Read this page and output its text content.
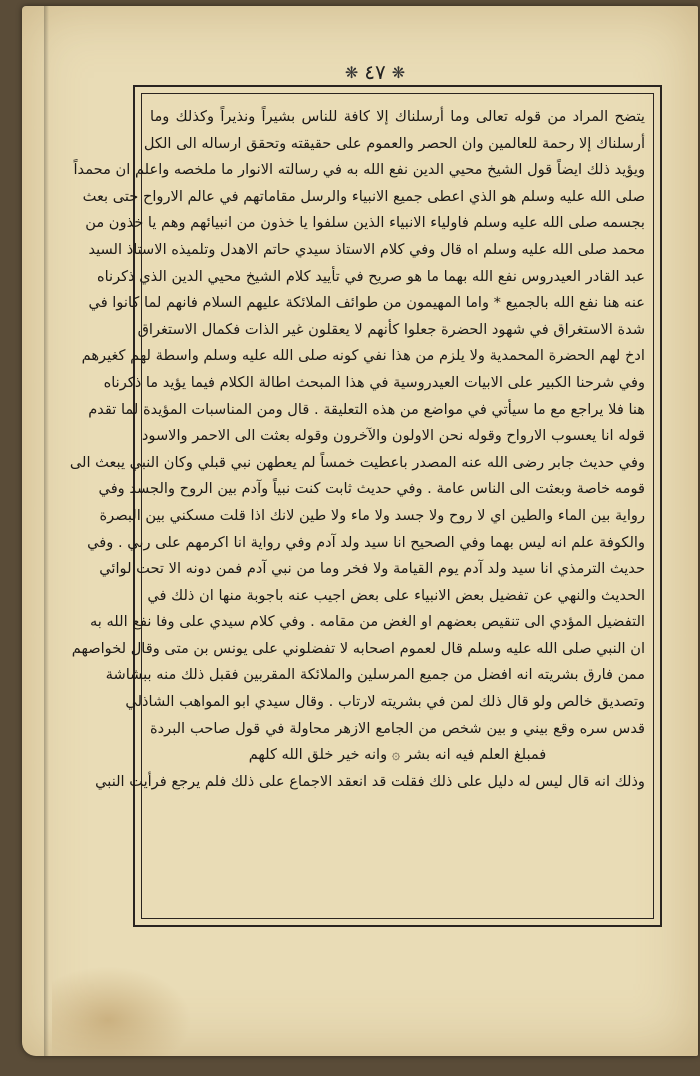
❋ ٤٧ ❋
يتضح المراد من قوله تعالى وما أرسلناك إلا كافة للناس بشيراً ونذيراً وكذلك وما
أرسلناك إلا رحمة للعالمين وان الحصر والعموم على حقيقته وتحقق ارساله الى الكل
ويؤيد ذلك ايضاً قول الشيخ محيي الدين نفع الله به في رسالته الانوار ما ملخصه واعلم ان محمداً
صلى الله عليه وسلم هو الذي اعطى جميع الانبياء والرسل مقاماتهم في عالم الارواح حتى بعث
بجسمه صلى الله عليه وسلم فاولياء الانبياء الذين سلفوا يا خذون من انبيائهم وهم يا خذون من
محمد صلى الله عليه وسلم اه قال وفي كلام الاستاذ سيدي حاتم الاهدل وتلميذه الاستاذ السيد
عبد القادر العيدروس نفع الله بهما ما هو صريح في تأييد كلام الشيخ محيي الدين الذي ذكرناه
عنه هنا نفع الله بالجميع * واما المهيمون من طوائف الملائكة عليهم السلام فانهم لما كانوا في
شدة الاستغراق في شهود الحضرة جعلوا كأنهم لا يعقلون غير الذات فكمال الاستغراق
ادخ لهم الحضرة المحمدية ولا يلزم من هذا نفي كونه صلى الله عليه وسلم واسطة لهم كغيرهم
وفي شرحنا الكبير على الابيات العيدروسية في هذا المبحث اطالة الكلام فيما يؤيد ما ذكرناه
هنا فلا يراجع مع ما سيأتي في مواضع من هذه التعليقة . قال ومن المناسبات المؤيدة لما تقدم
قوله انا يعسوب الارواح وقوله نحن الاولون والآخرون وقوله بعثت الى الاحمر والاسود
وفي حديث جابر رضى الله عنه المصدر باعطيت خمساً لم يعطهن نبي قبلي وكان النبي يبعث الى
قومه خاصة وبعثت الى الناس عامة . وفي حديث ثابت كنت نبياً وآدم بين الروح والجسد وفي
رواية بين الماء والطين اي لا روح ولا جسد ولا ماء ولا طين لانك اذا قلت مسكني بين البصرة
والكوفة علم انه ليس بهما وفي الصحيح انا سيد ولد آدم وفي رواية انا اكرمهم على ربي . وفي
حديث الترمذي انا سيد ولد آدم يوم القيامة ولا فخر وما من نبي آدم فمن دونه الا تحت لوائي
الحديث والنهي عن تفضيل بعض الانبياء على بعض اجيب عنه باجوبة منها ان ذلك في
التفضيل المؤدي الى تنقيص بعضهم او الغض من مقامه . وفي كلام سيدي على وفا نفع الله به
ان النبي صلى الله عليه وسلم قال لعموم اصحابه لا تفضلوني على يونس بن متى وقال لخواصهم
ممن فارق بشريته انه افضل من جميع المرسلين والملائكة المقربين فقبل ذلك منه ببشاشة
وتصديق خالص ولو قال ذلك لمن في بشريته لارتاب . وقال سيدي ابو المواهب الشاذلي
قدس سره وقع بيني و بين شخص من الجامع الازهر محاولة في قول صاحب البردة
فمبلغ العلم فيه انه بشر ۞ وانه خير خلق الله كلهم
وذلك انه قال ليس له دليل على ذلك فقلت قد انعقد الاجماع على ذلك فلم يرجع فرأيت النبي
